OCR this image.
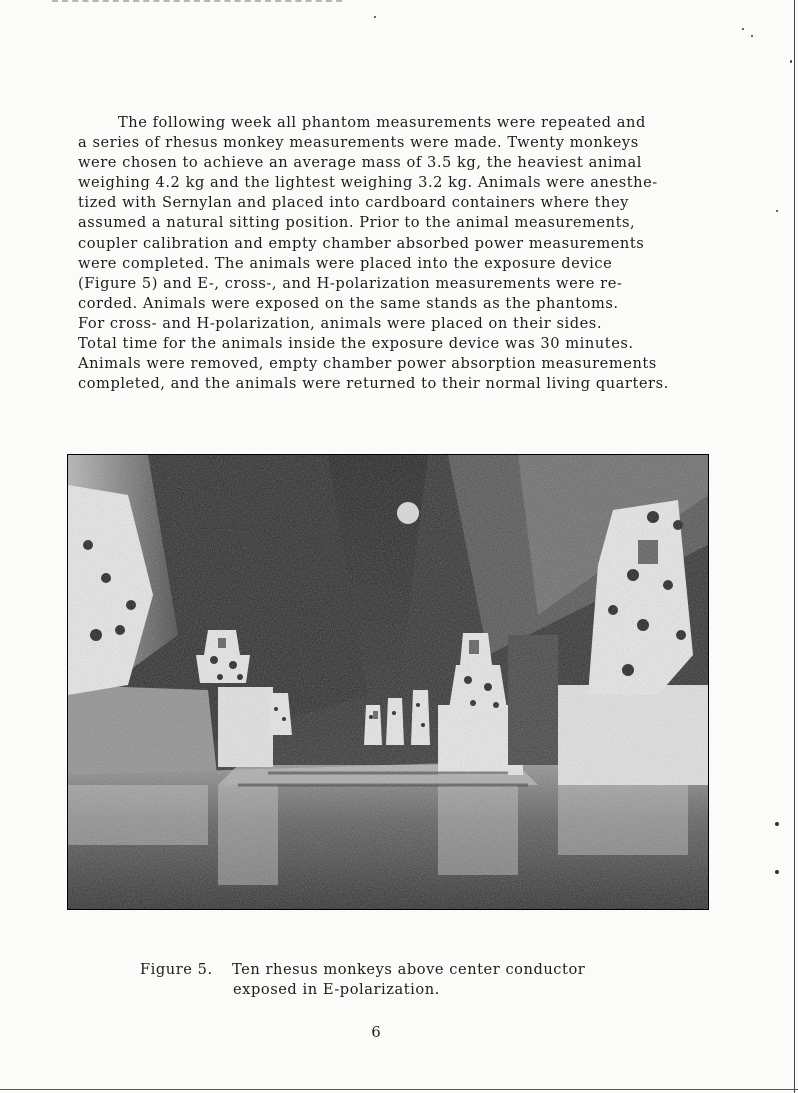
The following week all phantom measurements were repeated and
a series of rhesus monkey measurements were made. Twenty monkeys
were chosen to achieve an average mass of 3.5 kg, the heaviest animal
weighing 4.2 kg and the lightest weighing 3.2 kg. Animals were anesthe-
tized with Sernylan and placed into cardboard containers where they
assumed a natural sitting position. Prior to the animal measurements,
coupler calibration and empty chamber absorbed power measurements
were completed. The animals were placed into the exposure device
(Figure 5) and E-, cross-, and H-polarization measurements were re-
corded. Animals were exposed on the same stands as the phantoms.
For cross- and H-polarization, animals were placed on their sides.
Total time for the animals inside the exposure device was 30 minutes.
Animals were removed, empty chamber power absorption measurements
completed, and the animals were returned to their normal living quarters.
Figure 5. Ten rhesus monkeys above center conductor
exposed in E-polarization.
6
